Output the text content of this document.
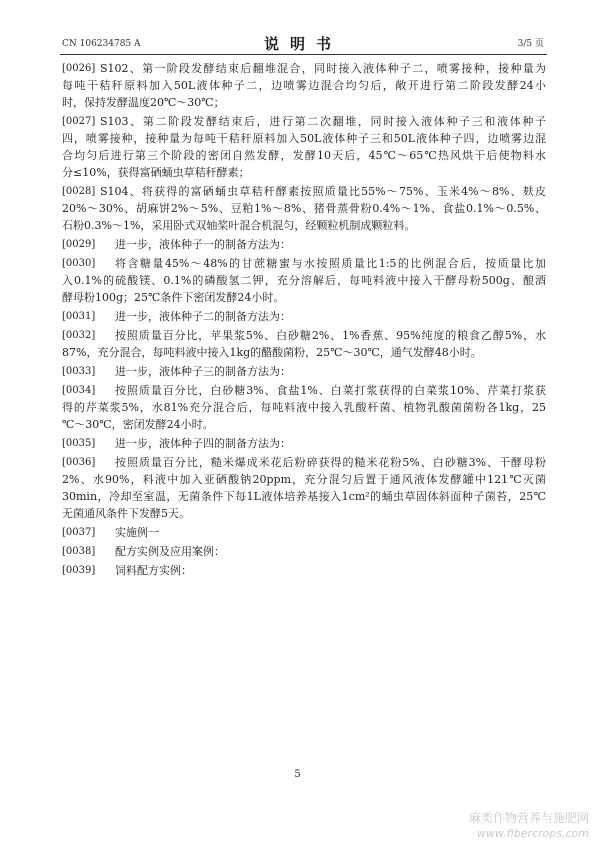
CN 106234785 A	说明书	3/5 页
[0026] S102、第一阶段发酵结束后翻堆混合，同时接入液体种子二，喷雾接种，接种量为
每吨干秸秆原料加入50L液体种子二，边喷雾边混合均匀后，敞开进行第二阶段发酵24小
时，保持发酵温度20℃～30℃；
[0027] S103、第二阶段发酵结束后，进行第二次翻堆，同时接入液体种子三和液体种子
四，喷雾接种，接种量为每吨干秸秆原料加入50L液体种子三和50L液体种子四，边喷雾边混
合均匀后进行第三个阶段的密闭自然发酵，发酵10天后，45℃～65℃热风烘干后使物料水
分≤10%，获得富硒蛹虫草秸秆酵素；
[0028] S104、将获得的富硒蛹虫草秸秆酵素按照质量比55%～75%、玉米4%～8%、麸皮
20%～30%、胡麻饼2%～5%、豆粕1%～8%、猪骨蒸骨粉0.4%～1%、食盐0.1%～0.5%、
石粉0.3%～1%，采用卧式双轴桨叶混合机混匀，经颗粒机制成颗粒料。
[0029]	进一步，液体种子一的制备方法为：
[0030]	将含糖量45%～48%的甘蔗糖蜜与水按照质量比1:5的比例混合后，按质量比加
入0.1%的硫酸镁、0.1%的磷酸氢二钾，充分溶解后，每吨料液中接入干酵母粉500g、酿酒
酵母粉100g；25℃条件下密闭发酵24小时。
[0031]	进一步，液体种子二的制备方法为：
[0032]	按照质量百分比，苹果浆5%、白砂糖2%、1%香蕉、95%纯度的粮食乙醇5%，水
87%，充分混合，每吨料液中接入1kg的醋酸菌粉，25℃～30℃，通气发酵48小时。
[0033]	进一步，液体种子三的制备方法为：
[0034]	按照质量百分比，白砂糖3%、食盐1%、白菜打浆获得的白菜浆10%、芹菜打浆获
得的芹菜浆5%，水81%充分混合后，每吨料液中接入乳酸杆菌、植物乳酸菌菌粉各1kg，25
℃～30℃，密闭发酵24小时。
[0035]	进一步，液体种子四的制备方法为：
[0036]	按照质量百分比，糙米爆成米花后粉碎获得的糙米花粉5%、白砂糖3%、干酵母粉
2%、水90%，料液中加入亚硒酸钠20ppm，充分混匀后置于通风液体发酵罐中121℃灭菌
30min，冷却至室温，无菌条件下每1L液体培养基接入1cm²的蛹虫草固体斜面种子菌苔，25℃
无菌通风条件下发酵5天。
[0037]	实施例一
[0038]	配方实例及应用案例：
[0039]	饲料配方实例：
5
麻类作物营养与施肥网
www.fibercrops.com
